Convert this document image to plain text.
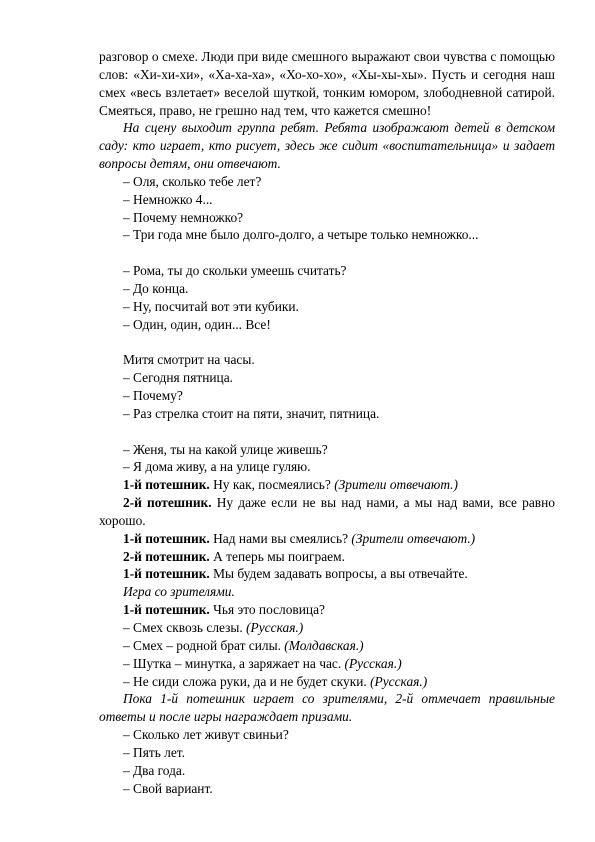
разговор о смехе. Люди при виде смешного выражают свои чувства с помощью слов: «Хи-хи-хи», «Ха-ха-ха», «Хо-хо-хо», «Хы-хы-хы». Пусть и сегодня наш смех «весь взлетает» веселой шуткой, тонким юмором, злободневной сатирой. Смеяться, право, не грешно над тем, что кажется смешно!

На сцену выходит группа ребят. Ребята изображают детей в детском саду: кто играет, кто рисует, здесь же сидит «воспитательница» и задает вопросы детям, они отвечают.

– Оля, сколько тебе лет?

– Немножко 4...

– Почему немножко?

– Три года мне было долго-долго, а четыре только немножко...

– Рома, ты до скольки умеешь считать?

– До конца.

– Ну, посчитай вот эти кубики.

– Один, один, один... Все!

Митя смотрит на часы.

– Сегодня пятница.

– Почему?

– Раз стрелка стоит на пяти, значит, пятница.

– Женя, ты на какой улице живешь?

– Я дома живу, а на улице гуляю.

1-й потешник. Ну как, посмеялись? (Зрители отвечают.)

2-й потешник. Ну даже если не вы над нами, а мы над вами, все равно хорошо.

1-й потешник. Над нами вы смеялись? (Зрители отвечают.)

2-й потешник. А теперь мы поиграем.

1-й потешник. Мы будем задавать вопросы, а вы отвечайте.

Игра со зрителями.

1-й потешник. Чья это пословица?

– Смех сквозь слезы. (Русская.)

– Смех – родной брат силы. (Молдавская.)

– Шутка – минутка, а заряжает на час. (Русская.)

– Не сиди сложа руки, да и не будет скуки. (Русская.)

Пока 1-й потешник играет со зрителями, 2-й отмечает правильные ответы и после игры награждает призами.

– Сколько лет живут свиньи?

– Пять лет.

– Два года.

– Свой вариант.
